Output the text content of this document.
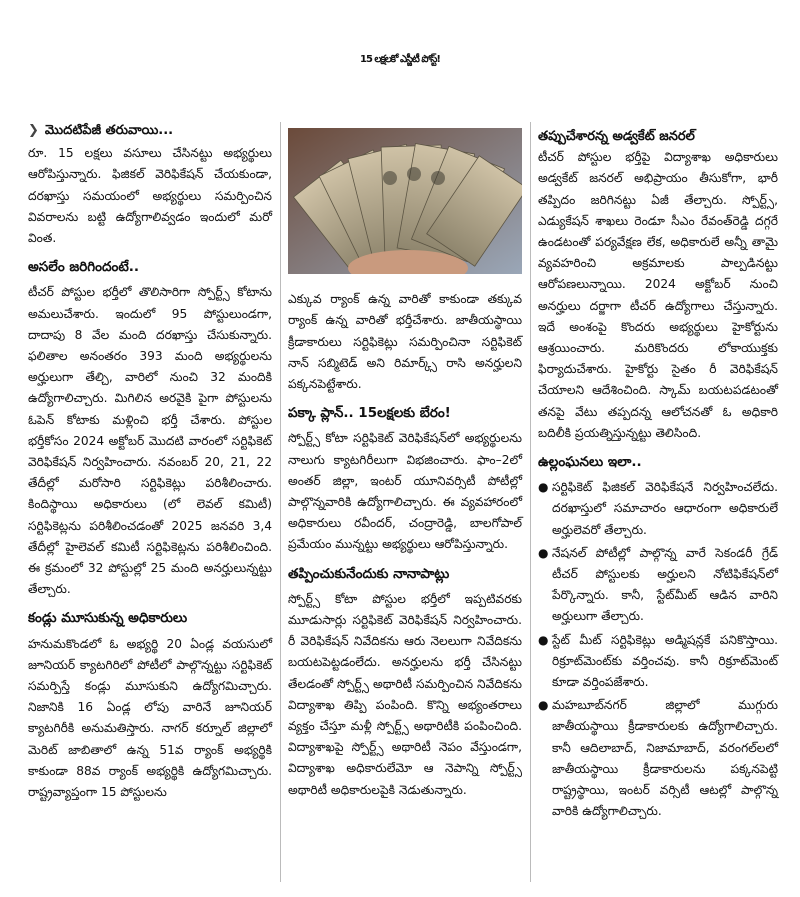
15 లక్షలకో ఎస్జీటీ పోస్ట్!
❯ మొదటిపేజీ తరువాయి...

రూ. 15 లక్షలు వసూలు చేసినట్టు అభ్యర్థులు ఆరోపిస్తున్నారు. ఫిజికల్ వెరిఫికేషన్ చేయకుండా, దరఖాస్తు సమయంలో అభ్యర్థులు సమర్పించిన వివరాలను బట్టి ఉద్యోగాలివ్వడం ఇందులో మరో వింత.

అసలేం జరిగిందంటే..

టీచర్ పోస్టుల భర్తీలో తొలిసారిగా స్పోర్ట్స్ కోటాను అమలుచేశారు. ఇందులో 95 పోస్టులుండగా, దాదాపు 8 వేల మంది దరఖాస్తు చేసుకున్నారు. ఫలితాల అనంతరం 393 మంది అభ్యర్థులను అర్హులుగా తేల్చి, వారిలో నుంచి 32 మందికి ఉద్యోగాలిచ్చారు. మిగిలిన అరవైకి పైగా పోస్టులను ఓపెన్ కోటాకు మళ్లించి భర్తీ చేశారు. పోస్టుల భర్తీకోసం 2024 అక్టోబర్ మొదటి వారంలో సర్టిఫికెట్ వెరిఫికేషన్ నిర్వహించారు. నవంబర్ 20, 21, 22 తేదీల్లో మరోసారి సర్టిఫికెట్లు పరిశీలించారు. కిందిస్థాయి అధికారులు (లో లెవల్ కమిటీ) సర్టిఫికెట్లను పరిశీలించడంతో 2025 జనవరి 3,4 తేదీల్లో హైలెవల్ కమిటీ సర్టిఫికెట్లను పరిశీలించింది. ఈ క్రమంలో 32 పోస్టుల్లో 25 మంది అనర్హులున్నట్టు తేల్చారు.

కండ్లు మూసుకున్న అధికారులు

హనుమకొండలో ఓ అభ్యర్థి 20 ఏండ్ల వయసులో జూనియర్ క్యాటగిరిలో పోటీలో పాల్గొన్నట్టు సర్టిఫికెట్ సమర్పిస్తే కండ్లు మూసుకుని ఉద్యోగమిచ్చారు. నిజానికి 16 ఏండ్ల లోపు వారినే జూనియర్ క్యాటగిరీకి అనుమతిస్తారు. నాగర్ కర్నూల్ జిల్లాలో మెరిట్ జాబితాలో ఉన్న 51వ ర్యాంక్ అభ్యర్థికి కాకుండా 88వ ర్యాంక్ అభ్యర్థికి ఉద్యోగమిచ్చారు. రాష్ట్రవ్యాప్తంగా 15 పోస్టులను

ఎక్కువ ర్యాంక్ ఉన్న వారితో కాకుండా తక్కువ ర్యాంక్ ఉన్న వారితో భర్తీచేశారు. జాతీయస్థాయి క్రీడాకారులు సర్టిఫికెట్లు సమర్పించినా సర్టిఫికెట్ నాన్ సబ్మిటెడ్ అని రిమార్క్స్ రాసి అనర్హులని పక్కనపెట్టేశారు.

పక్కా ప్లాన్.. 15లక్షలకు బేరం!

స్పోర్ట్స్ కోటా సర్టిఫికెట్ వెరిఫికేషన్‌లో అభ్యర్థులను నాలుగు క్యాటగిరీలుగా విభజించారు. ఫాం–2లో అంతర్ జిల్లా, ఇంటర్ యూనివర్సిటీ పోటీల్లో పాల్గొన్నవారికి ఉద్యోగాలిచ్చారు. ఈ వ్యవహారంలో అధికారులు రవీందర్, చంద్రారెడ్డి, బాలగోపాల్ ప్రమేయం మున్నట్టు అభ్యర్థులు ఆరోపిస్తున్నారు.

తప్పించుకునేందుకు నానాపాట్లు

స్పోర్ట్స్ కోటా పోస్టుల భర్తీలో ఇప్పటివరకు మూడుసార్లు సర్టిఫికెట్ వెరిఫికేషన్ నిర్వహించారు. రీ వెరిఫికేషన్ నివేదికను ఆరు నెలలుగా నివేదికను బయటపెట్టడంలేదు. అనర్హులను భర్తీ చేసినట్టు తేలడంతో స్పోర్ట్స్ అథారిటీ సమర్పించిన నివేదికను విద్యాశాఖ తిప్పి పంపింది. కొన్ని అభ్యంతరాలు వ్యక్తం చేస్తూ మళ్లీ స్పోర్ట్స్ అథారిటీకి పంపించింది. విద్యాశాఖపై స్పోర్ట్స్ అథారిటీ నెపం వేస్తుండగా, విద్యాశాఖ అధికారులేమో ఆ నెపాన్ని స్పోర్ట్స్ అథారిటీ అధికారులపైకి నెడుతున్నారు.

తప్పుచేశారన్న అడ్వకేట్ జనరల్

టీచర్ పోస్టుల భర్తీపై విద్యాశాఖ అధికారులు అడ్వకేట్ జనరల్ అభిప్రాయం తీసుకోగా, భారీ తప్పిదం జరిగినట్టు ఏజీ తేల్చారు. స్పోర్ట్స్, ఎడ్యుకేషన్ శాఖలు రెండూ సీఎం రేవంత్‌రెడ్డి దగ్గరే ఉండటంతో పర్యవేక్షణ లేక, అధికారులే అన్నీ తామై వ్యవహరించి అక్రమాలకు పాల్పడినట్టు ఆరోపణలున్నాయి. 2024 అక్టోబర్ నుంచి అనర్హులు దర్జాగా టీచర్ ఉద్యోగాలు చేస్తున్నారు. ఇదే అంశంపై కొందరు అభ్యర్థులు హైకోర్టును ఆశ్రయించారు. మరికొందరు లోకాయుక్తకు ఫిర్యాదుచేశారు. హైకోర్టు సైతం రీ వెరిఫికేషన్ చేయాలని ఆదేశించింది. స్కామ్ బయటపడటంతో తనపై వేటు తప్పదన్న ఆలోచనతో ఓ అధికారి బదిలీకి ప్రయత్నిస్తున్నట్టు తెలిసింది.

ఉల్లంఘనలు ఇలా..
● సర్టిఫికెట్ ఫిజికల్ వెరిఫికేషనే నిర్వహించలేదు. దరఖాస్తులో సమాచారం ఆధారంగా అధికారులే అర్హులెవరో తేల్చారు.
● నేషనల్ పోటీల్లో పాల్గొన్న వారే సెకండరీ గ్రేడ్ టీచర్ పోస్టులకు అర్హులని నోటిఫికేషన్‌లో పేర్కొన్నారు. కానీ, స్టేట్‌మీట్ ఆడిన వారిని అర్హులుగా తేల్చారు.
● స్టేట్ మీట్ సర్టిఫికెట్లు అడ్మిషన్లకే పనికొస్తాయి. రిక్రూట్‌మెంట్‌కు వర్తించవు. కానీ రిక్రూట్‌మెంట్ కూడా వర్తింపజేశారు.
● మహబూబ్‌నగర్ జిల్లాలో ముగ్గురు జాతీయస్థాయి క్రీడాకారులకు ఉద్యోగాలిచ్చారు. కానీ ఆదిలాబాద్, నిజామాబాద్, వరంగల్‌లలో జాతీయస్థాయి క్రీడాకారులను పక్కనపెట్టి రాష్ట్రస్థాయి, ఇంటర్ వర్సిటీ ఆటల్లో పాల్గొన్న వారికి ఉద్యోగాలిచ్చారు.
